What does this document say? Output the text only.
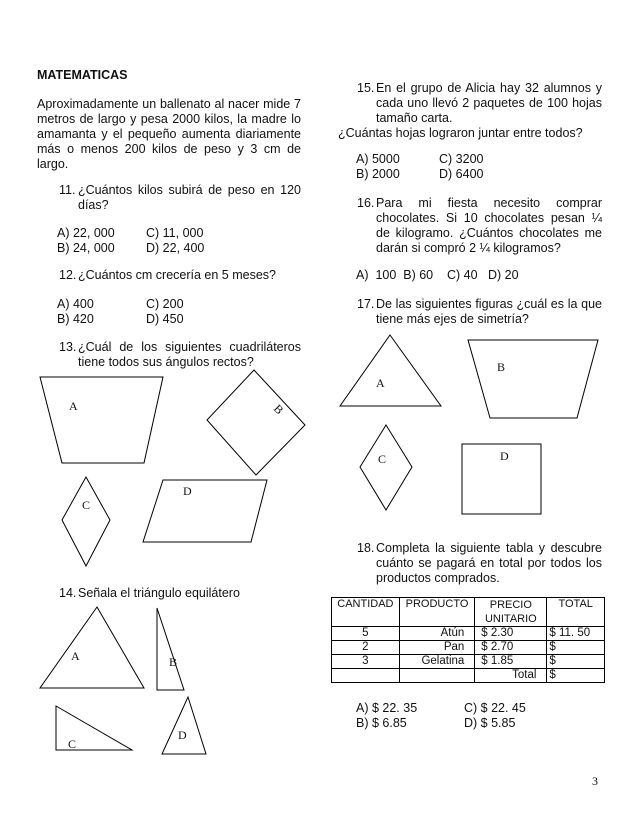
MATEMATICAS
Aproximadamente un ballenato al nacer mide 7 metros de largo y pesa 2000 kilos, la madre lo amamanta y el pequeño aumenta diariamente más o menos 200 kilos de peso y 3 cm de largo.
11. ¿Cuántos kilos subirá de peso en 120 días?
A) 22, 000	C) 11, 000
B) 24, 000	D) 22, 400
12. ¿Cuántos cm crecería en 5 meses?
A) 400	C) 200
B) 420	D) 450
13. ¿Cuál de los siguientes cuadriláteros tiene todos sus ángulos rectos?
A	B
C
D
A	B
C
D
A
B
C	D
14. Señala el triángulo equilátero
15. En el grupo de Alicia hay 32 alumnos y cada uno llevó 2 paquetes de 100 hojas tamaño carta.
¿Cuántas hojas lograron juntar entre todos?
A) 5000	C) 3200
B) 2000	D) 6400
16. Para mi fiesta necesito comprar chocolates. Si 10 chocolates pesan ¼ de kilogramo. ¿Cuántos chocolates me darán si compró 2 ¼ kilogramos?
A)  100  B) 60    C) 40   D) 20
17. De las siguientes figuras ¿cuál es la que tiene más ejes de simetría?
18. Completa la siguiente tabla y descubre cuánto se pagará en total por todos los productos comprados.
CANTIDAD	PRODUCTO	PRECIO UNITARIO	TOTAL
5	Atún	$ 2.30	$ 11. 50
2	Pan	$ 2.70	$
3	Gelatina	$ 1.85	$
		Total	$
A) $ 22. 35	C) $ 22. 45
B) $ 6.85	D) $ 5.85
3
